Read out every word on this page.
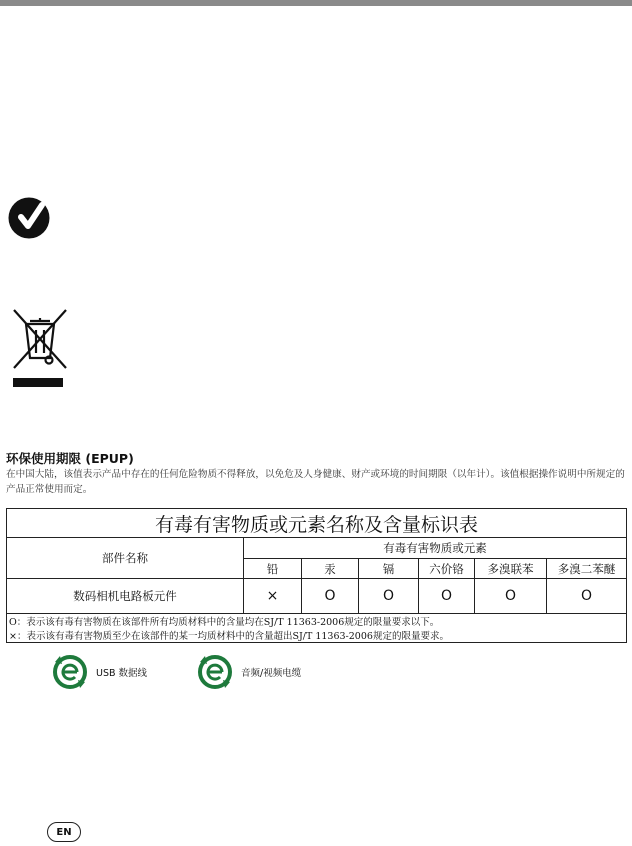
环保使用期限 (EPUP)
在中国大陆，该值表示产品中存在的任何危险物质不得释放，以免危及人身健康、财产或环境的时间期限（以年计）。该值根据操作说明中所规定的产品正常使用而定。
有毒有害物质或元素名称及含量标识表						
部件名称	有毒有害物质或元素					
	铅	汞	镉	六价铬	多溴联苯	多溴二苯醚
数码相机电路板元件	×	O	O	O	O	O
O：表示该有毒有害物质在该部件所有均质材料中的含量均在SJ/T 11363-2006规定的限量要求以下。						
×：表示该有毒有害物质至少在该部件的某一均质材料中的含量超出SJ/T 11363-2006规定的限量要求。						
USB 数据线	音频/视频电缆
EN
